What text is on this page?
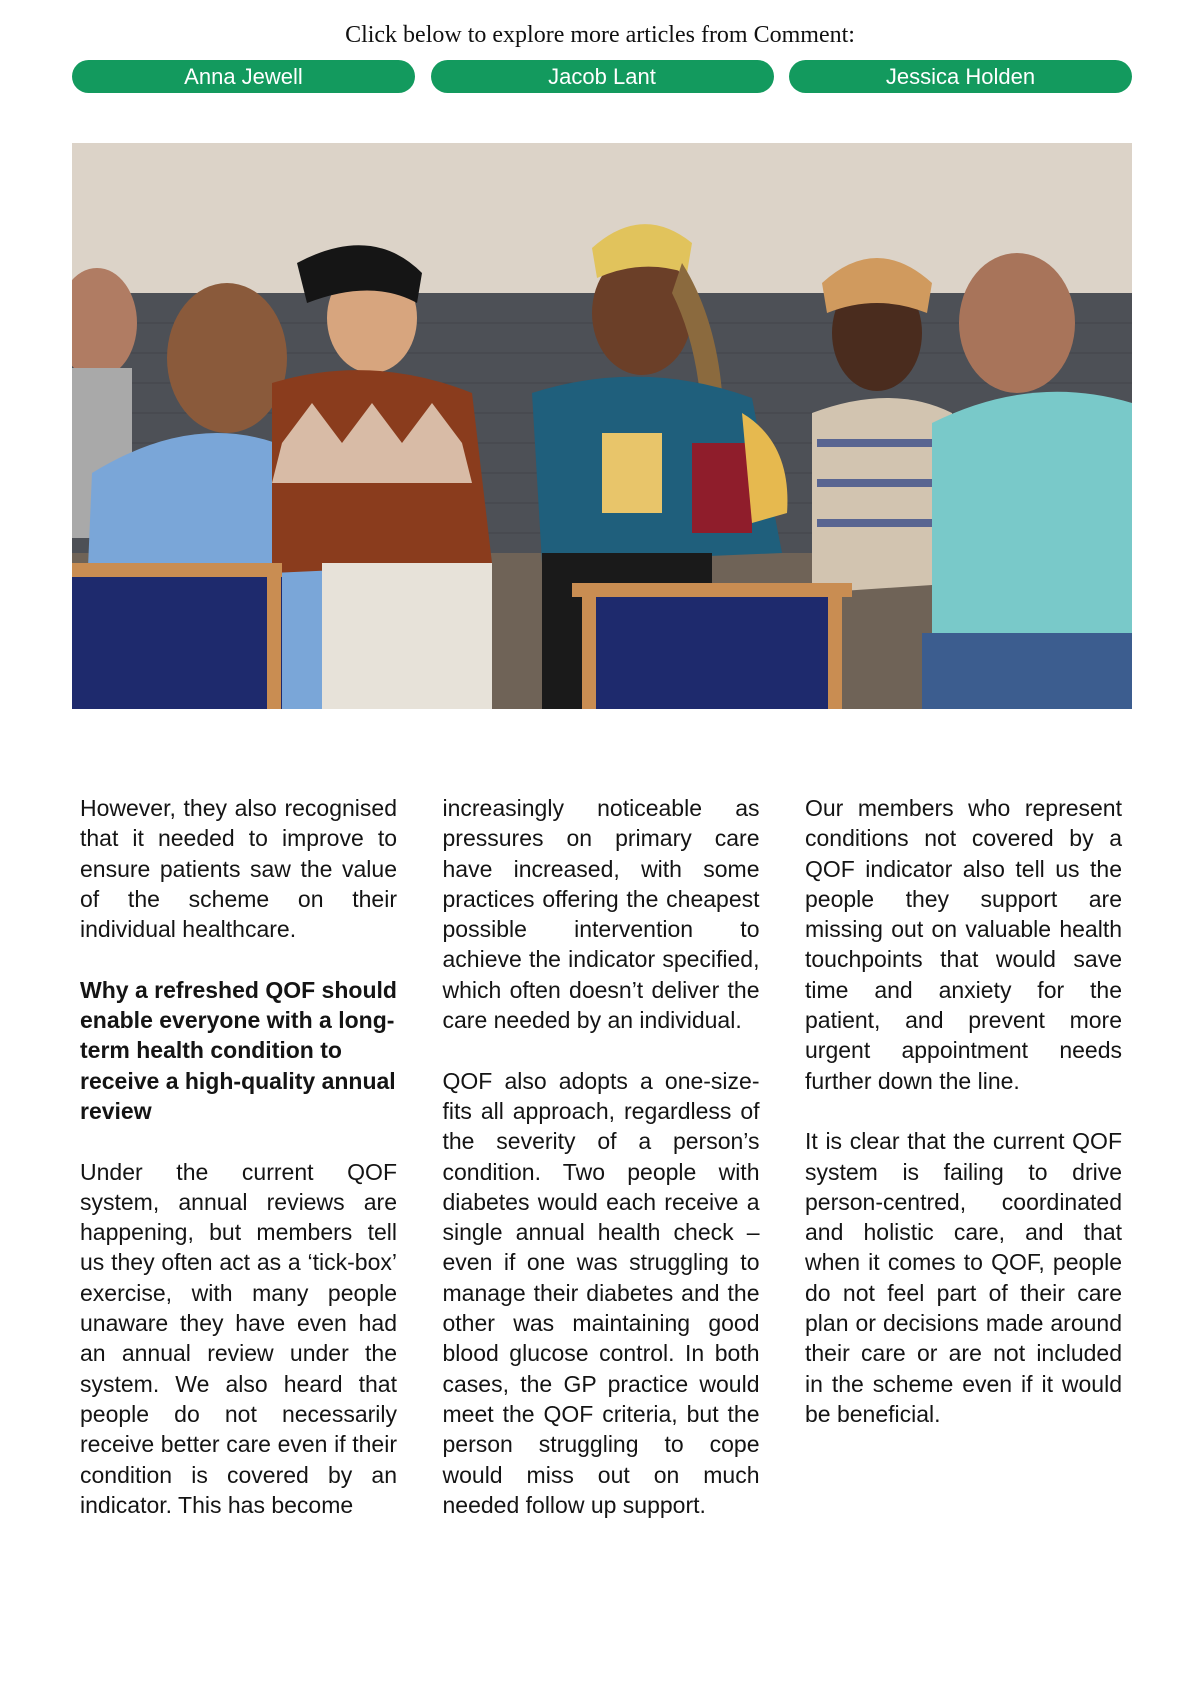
Click below to explore more articles from Comment:
Anna Jewell	Jacob Lant	Jessica Holden

However, they also recognised that it needed to improve to ensure patients saw the value of the scheme on their individual healthcare.

Why a refreshed QOF should enable everyone with a long-term health condition to receive a high-quality annual review

Under the current QOF system, annual reviews are happening, but members tell us they often act as a ‘tick-box’ exercise, with many people unaware they have even had an annual review under the system. We also heard that people do not necessarily receive better care even if their condition is covered by an indicator. This has become

increasingly noticeable as pressures on primary care have increased, with some practices offering the cheapest possible intervention to achieve the indicator specified, which often doesn’t deliver the care needed by an individual.

QOF also adopts a one-size-fits all approach, regardless of the severity of a person’s condition. Two people with diabetes would each receive a single annual health check – even if one was struggling to manage their diabetes and the other was maintaining good blood glucose control. In both cases, the GP practice would meet the QOF criteria, but the person struggling to cope would miss out on much needed follow up support.

Our members who represent conditions not covered by a QOF indicator also tell us the people they support are missing out on valuable health touchpoints that would save time and anxiety for the patient, and prevent more urgent appointment needs further down the line.

It is clear that the current QOF system is failing to drive person-centred, coordinated and holistic care, and that when it comes to QOF, people do not feel part of their care plan or decisions made around their care or are not included in the scheme even if it would be beneficial.
